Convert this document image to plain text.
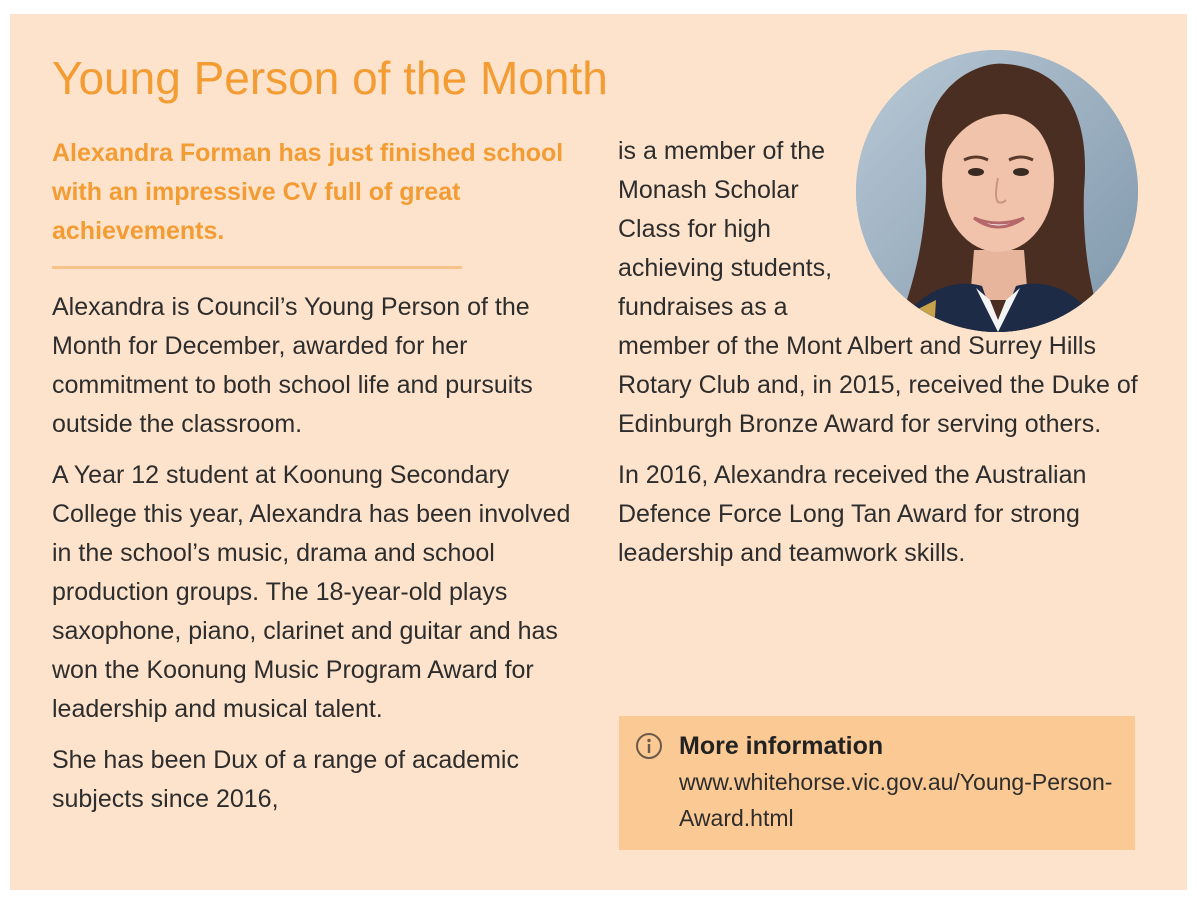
Young Person of the Month

Alexandra Forman has just finished school with an impressive CV full of great achievements.

Alexandra is Council’s Young Person of the Month for December, awarded for her commitment to both school life and pursuits outside the classroom.

A Year 12 student at Koonung Secondary College this year, Alexandra has been involved in the school’s music, drama and school production groups. The 18-year-old plays saxophone, piano, clarinet and guitar and has won the Koonung Music Program Award for leadership and musical talent.

She has been Dux of a range of academic subjects since 2016,

is a member of the Monash Scholar Class for high achieving students, fundraises as a
member of the Mont Albert and Surrey Hills Rotary Club and, in 2015, received the Duke of Edinburgh Bronze Award for serving others.

In 2016, Alexandra received the Australian Defence Force Long Tan Award for strong leadership and teamwork skills.

More information
www.whitehorse.vic.gov.au/Young-Person-Award.html
